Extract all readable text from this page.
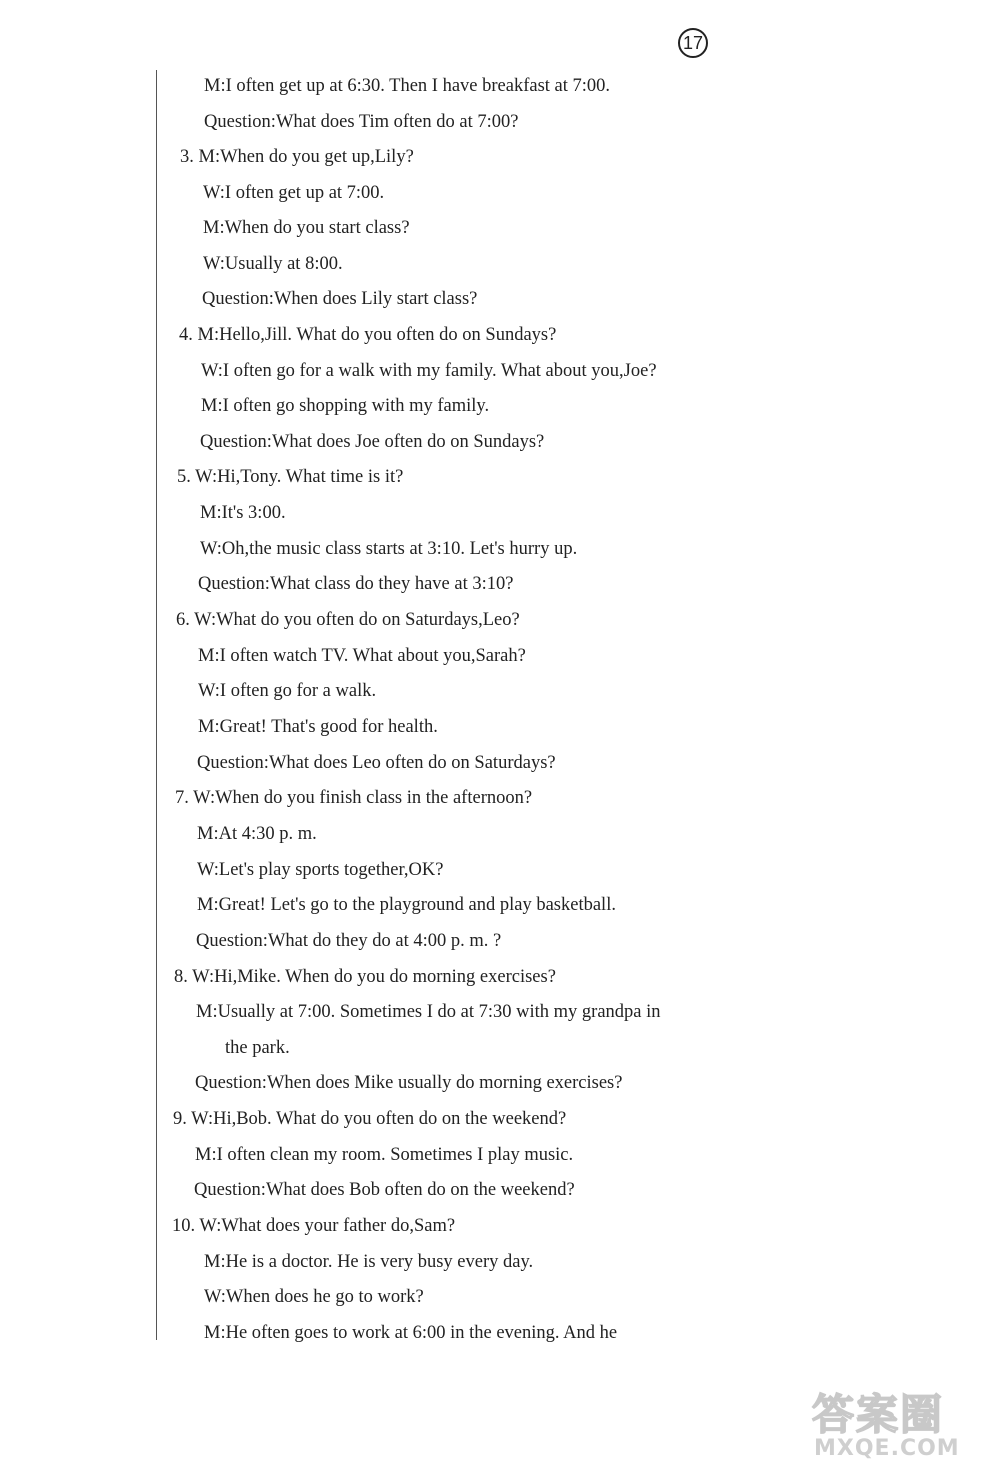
17
M:I often get up at 6:30. Then I have breakfast at 7:00.
Question:What does Tim often do at 7:00?
3. M:When do you get up,Lily?
W:I often get up at 7:00.
M:When do you start class?
W:Usually at 8:00.
Question:When does Lily start class?
4. M:Hello,Jill. What do you often do on Sundays?
W:I often go for a walk with my family. What about you,Joe?
M:I often go shopping with my family.
Question:What does Joe often do on Sundays?
5. W:Hi,Tony. What time is it?
M:It's 3:00.
W:Oh,the music class starts at 3:10. Let's hurry up.
Question:What class do they have at 3:10?
6. W:What do you often do on Saturdays,Leo?
M:I often watch TV. What about you,Sarah?
W:I often go for a walk.
M:Great! That's good for health.
Question:What does Leo often do on Saturdays?
7. W:When do you finish class in the afternoon?
M:At 4:30 p. m.
W:Let's play sports together,OK?
M:Great! Let's go to the playground and play basketball.
Question:What do they do at 4:00 p. m. ?
8. W:Hi,Mike. When do you do morning exercises?
M:Usually at 7:00. Sometimes I do at 7:30 with my grandpa in
the park.
Question:When does Mike usually do morning exercises?
9. W:Hi,Bob. What do you often do on the weekend?
M:I often clean my room. Sometimes I play music.
Question:What does Bob often do on the weekend?
10. W:What does your father do,Sam?
M:He is a doctor. He is very busy every day.
W:When does he go to work?
M:He often goes to work at 6:00 in the evening. And he
答案圈
MXQE.COM
